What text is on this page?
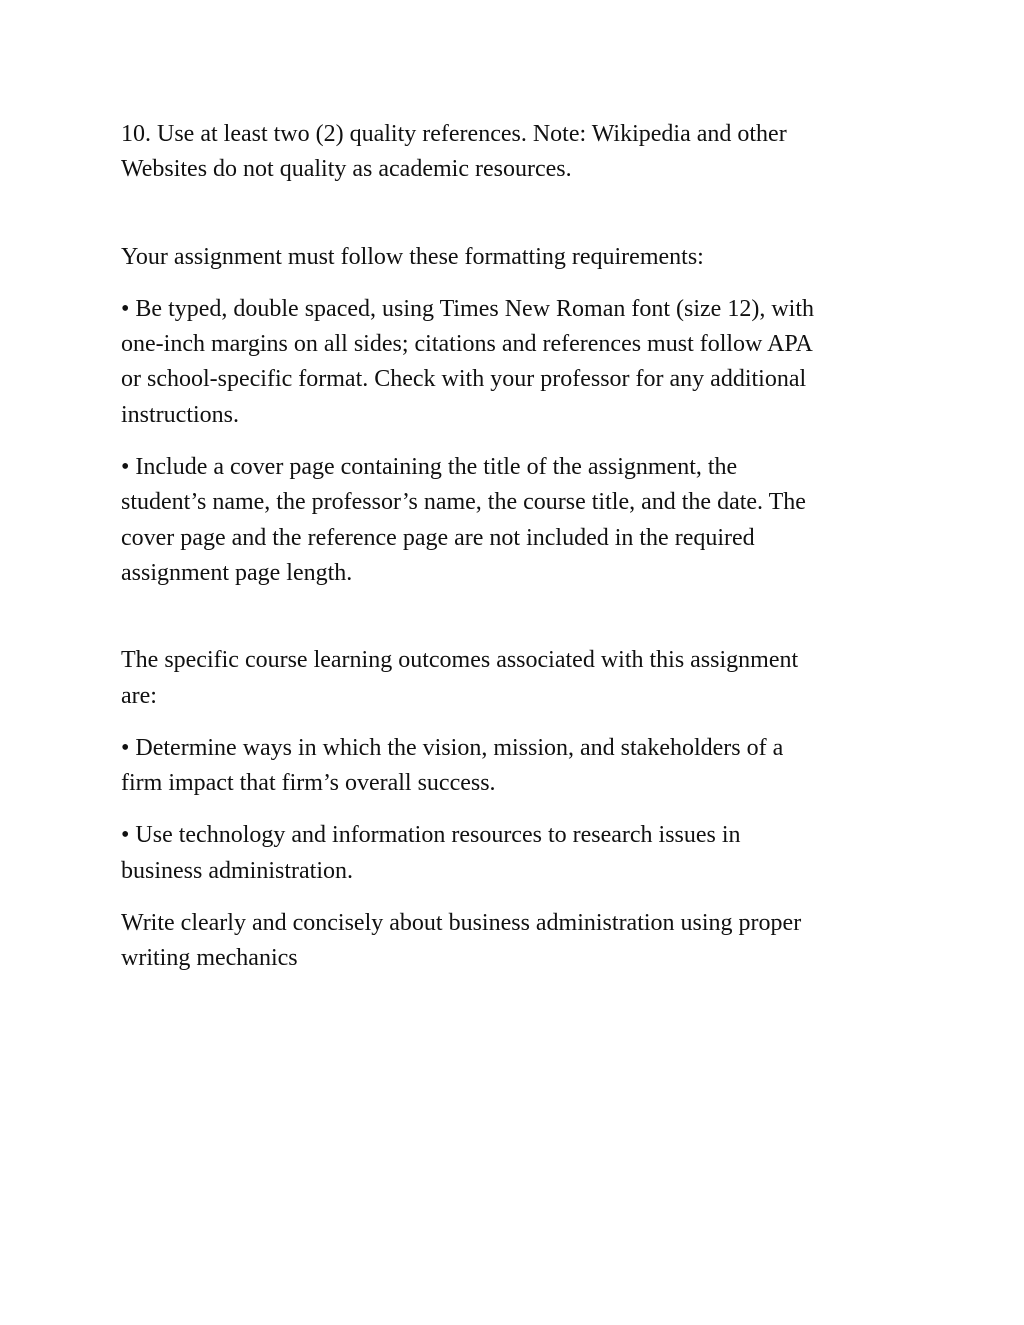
10. Use at least two (2) quality references. Note: Wikipedia and other
Websites do not quality as academic resources.

Your assignment must follow these formatting requirements:

• Be typed, double spaced, using Times New Roman font (size 12), with
one-inch margins on all sides; citations and references must follow APA
or school-specific format. Check with your professor for any additional
instructions.

• Include a cover page containing the title of the assignment, the
student’s name, the professor’s name, the course title, and the date. The
cover page and the reference page are not included in the required
assignment page length.

The specific course learning outcomes associated with this assignment
are:

• Determine ways in which the vision, mission, and stakeholders of a
firm impact that firm’s overall success.

• Use technology and information resources to research issues in
business administration.

Write clearly and concisely about business administration using proper
writing mechanics
